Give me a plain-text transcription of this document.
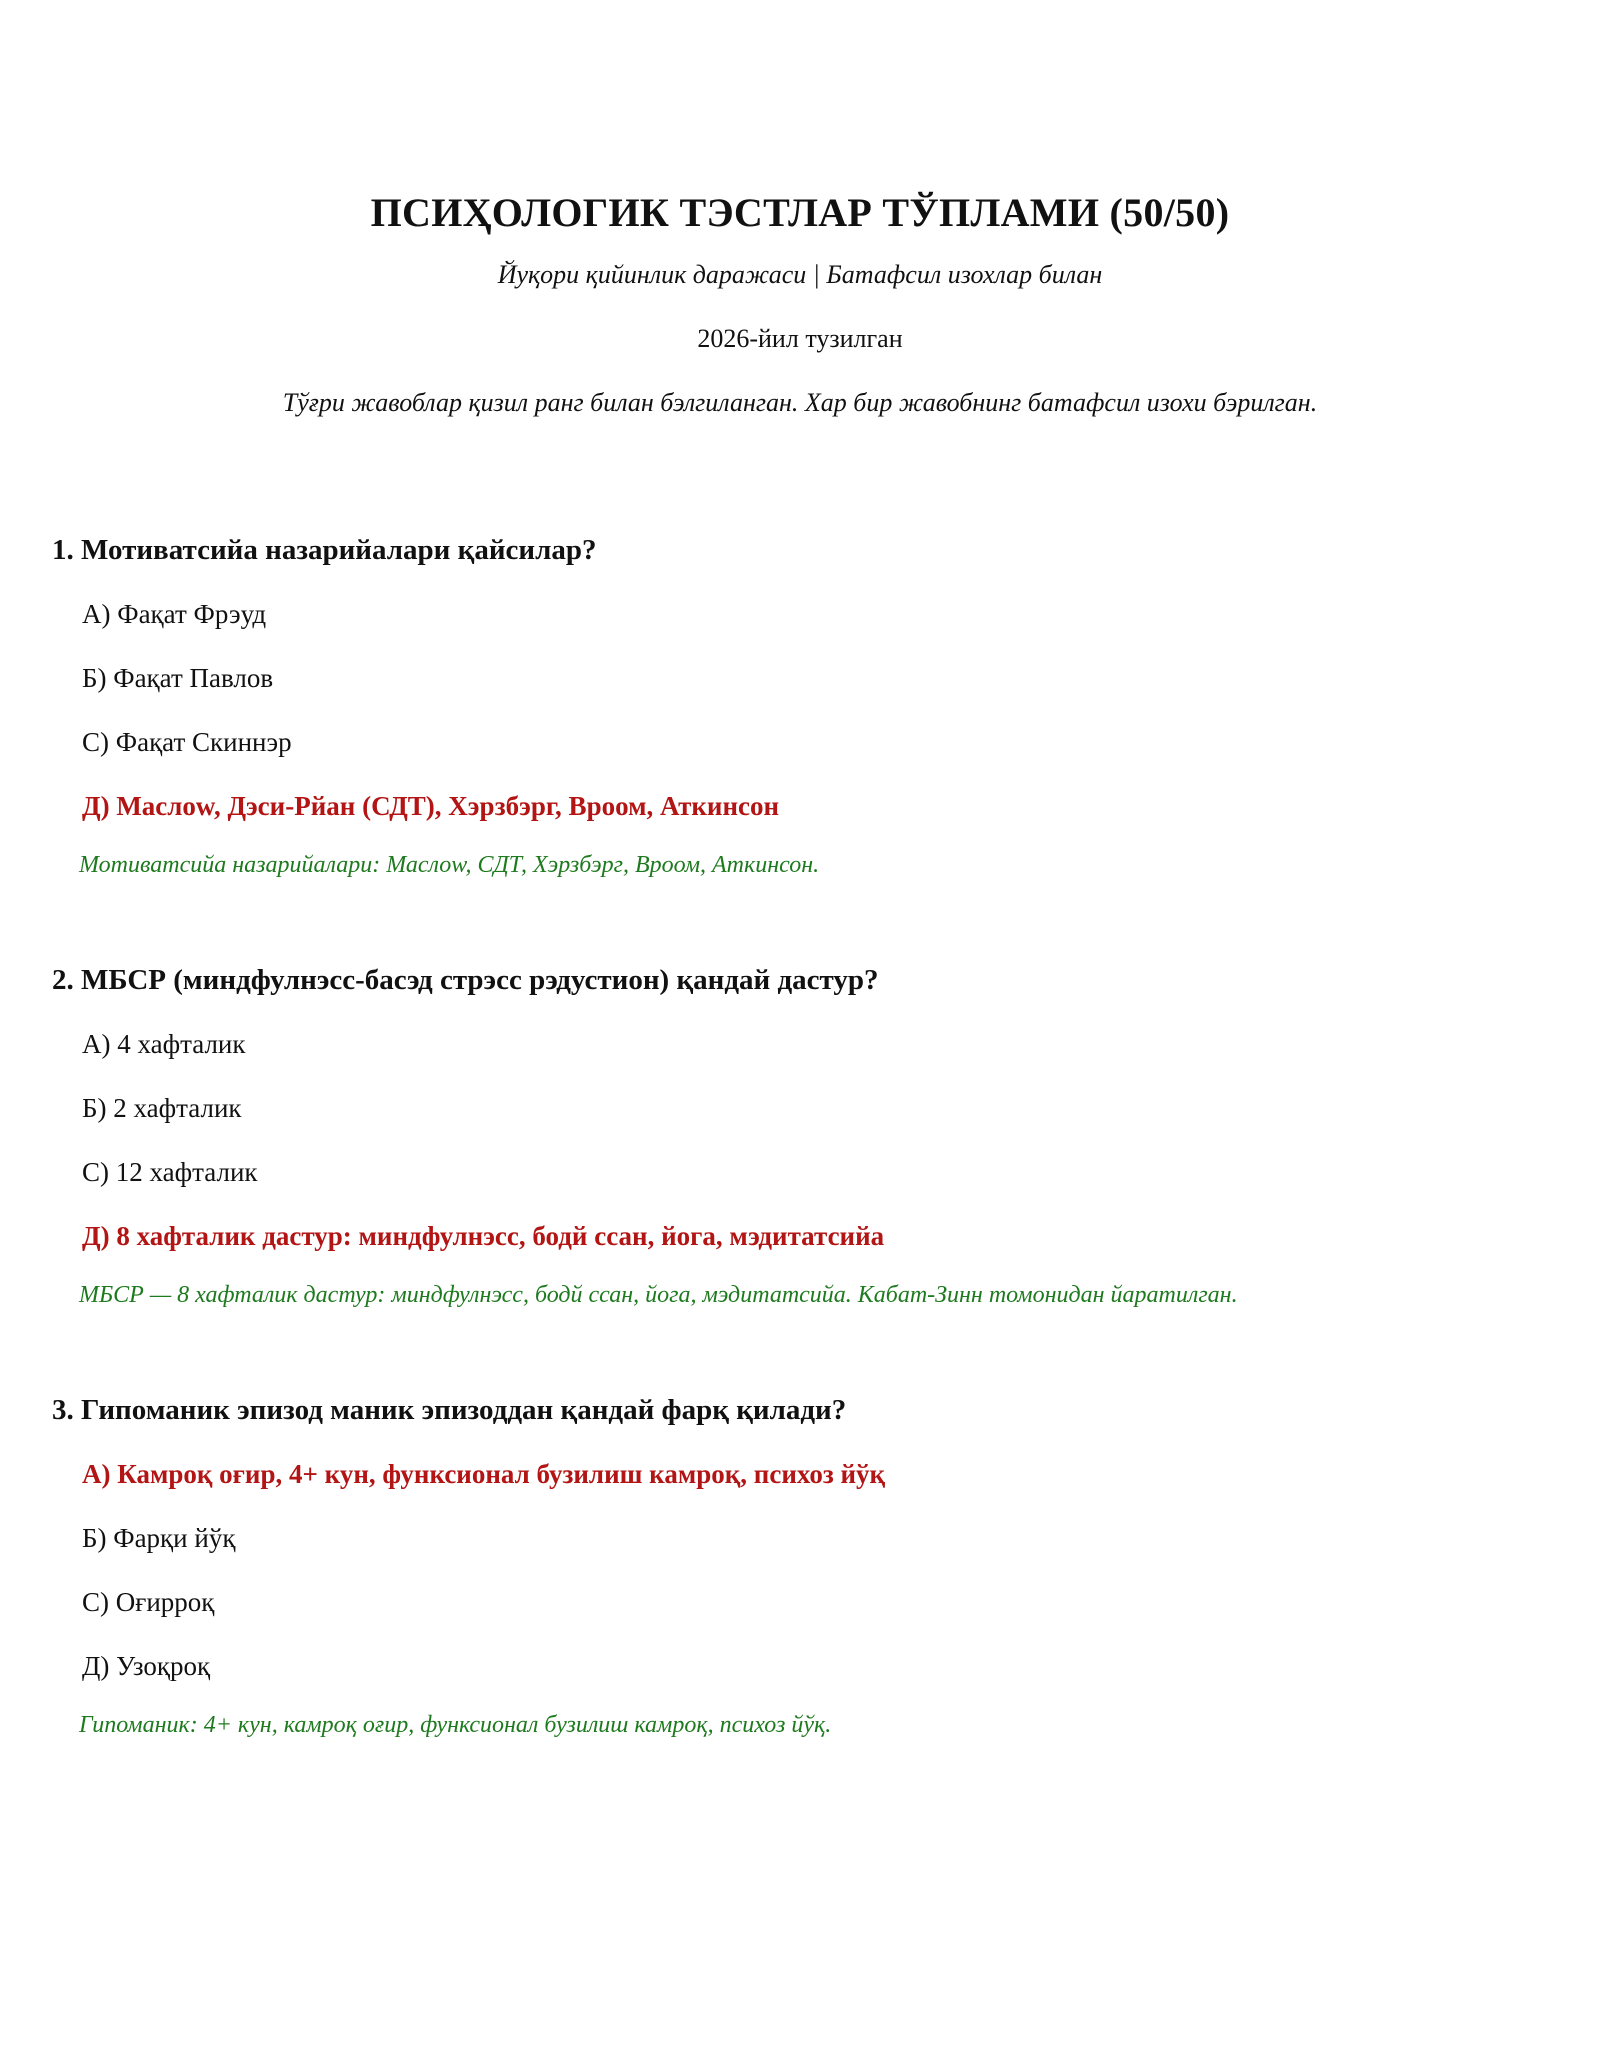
ПСИҲОЛОГИК ТЭСТЛАР ТЎПЛАМИ (50/50)

Йуқори қийинлик даражаси | Батафсил изохлар билан

2026-йил тузилган

Тўғри жавоблар қизил ранг билан бэлгиланган. Хар бир жавобнинг батафсил изохи бэрилган.

1. Мотиватсийа назарийалари қайсилар?

А) Фақат Фрэуд
Б) Фақат Павлов
С) Фақат Скиннэр
Д) Маслоw, Дэси-Рйан (СДТ), Хэрзбэрг, Вроом, Аткинсон

Мотиватсийа назарийалари: Маслоw, СДТ, Хэрзбэрг, Вроом, Аткинсон.

2. МБСР (миндфулнэсс-басэд стрэсс рэдустион) қандай дастур?

А) 4 хафталик
Б) 2 хафталик
С) 12 хафталик
Д) 8 хафталик дастур: миндфулнэсс, бодй ссан, йога, мэдитатсийа

МБСР — 8 хафталик дастур: миндфулнэсс, бодй ссан, йога, мэдитатсийа. Кабат-Зинн томонидан йаратилган.

3. Гипоманик эпизод маник эпизоддан қандай фарқ қилади?

А) Камроқ оғир, 4+ кун, функсионал бузилиш камроқ, психоз йўқ
Б) Фарқи йўқ
С) Оғирроқ
Д) Узоқроқ

Гипоманик: 4+ кун, камроқ оғир, функсионал бузилиш камроқ, психоз йўқ.
